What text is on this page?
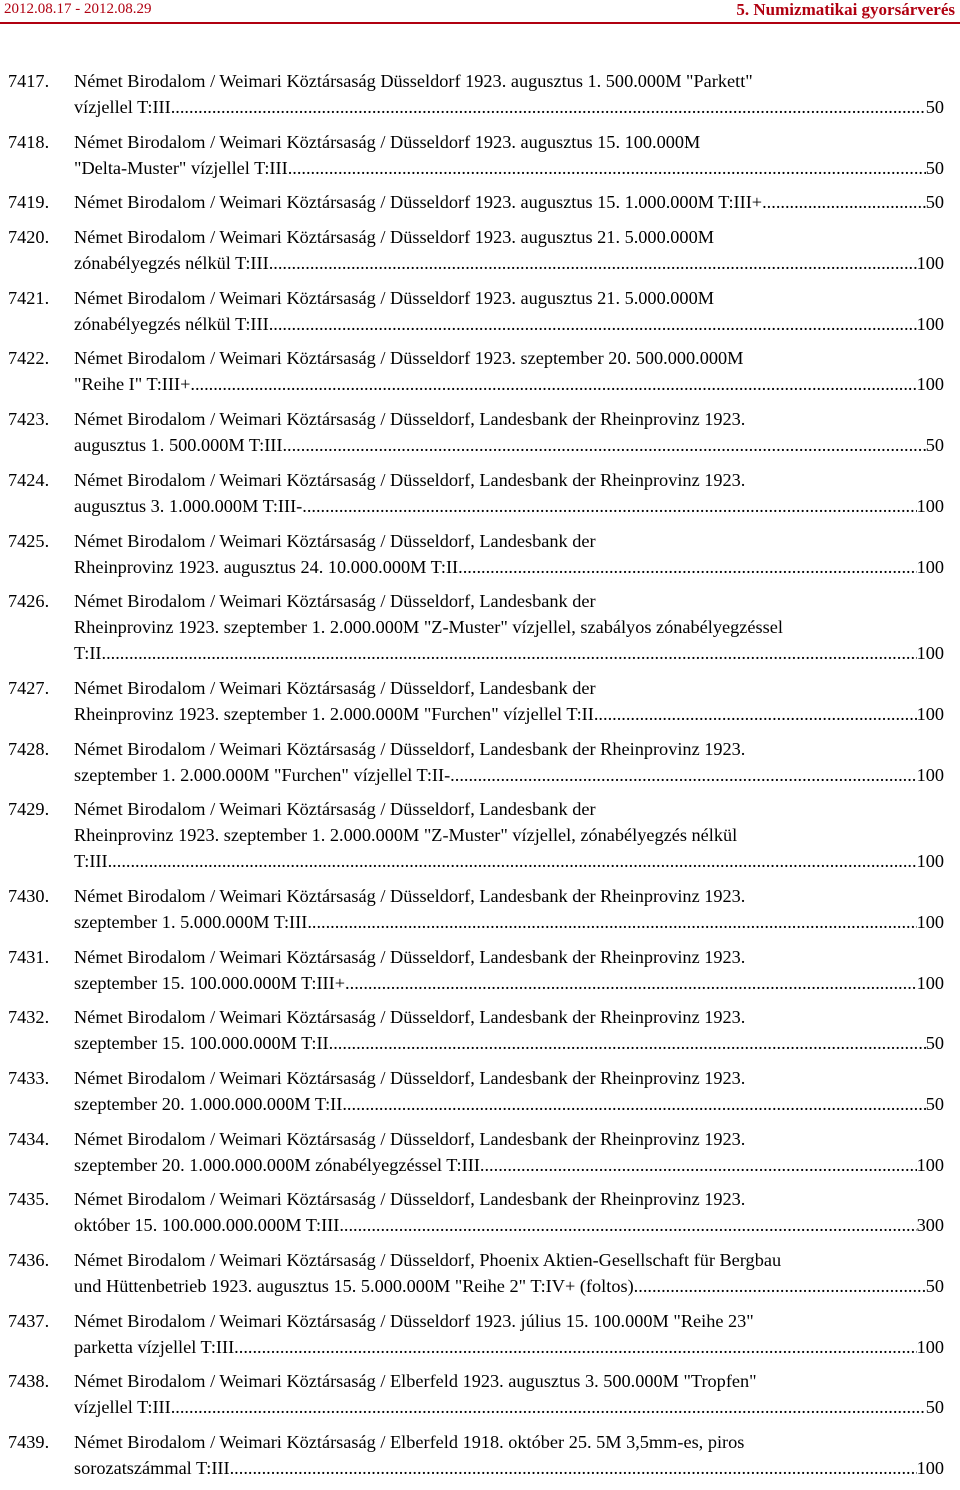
2012.08.17 - 2012.08.29	5. Numizmatikai gyorsárverés
7417.	Német Birodalom / Weimari Köztársaság Düsseldorf 1923. augusztus 1. 500.000M "Parkett"
vízjellel T:III .....	50
7418.	Német Birodalom / Weimari Köztársaság / Düsseldorf 1923. augusztus 15. 100.000M
"Delta-Muster" vízjellel T:III .....	50
7419.	Német Birodalom / Weimari Köztársaság / Düsseldorf 1923. augusztus 15. 1.000.000M T:III+ .....	50
7420.	Német Birodalom / Weimari Köztársaság / Düsseldorf 1923. augusztus 21. 5.000.000M
zónabélyegzés nélkül T:III .....	100
7421.	Német Birodalom / Weimari Köztársaság / Düsseldorf 1923. augusztus 21. 5.000.000M
zónabélyegzés nélkül T:III .....	100
7422.	Német Birodalom / Weimari Köztársaság / Düsseldorf 1923. szeptember 20. 500.000.000M
"Reihe I" T:III+ .....	100
7423.	Német Birodalom / Weimari Köztársaság / Düsseldorf, Landesbank der Rheinprovinz 1923.
augusztus 1. 500.000M T:III .....	50
7424.	Német Birodalom / Weimari Köztársaság / Düsseldorf, Landesbank der Rheinprovinz 1923.
augusztus 3. 1.000.000M T:III- .....	100
7425.	Német Birodalom / Weimari Köztársaság / Düsseldorf, Landesbank der
Rheinprovinz 1923. augusztus 24. 10.000.000M T:II .....	100
7426.	Német Birodalom / Weimari Köztársaság / Düsseldorf, Landesbank der
Rheinprovinz 1923. szeptember 1. 2.000.000M "Z-Muster" vízjellel, szabályos zónabélyegzéssel
T:II .....	100
7427.	Német Birodalom / Weimari Köztársaság / Düsseldorf, Landesbank der
Rheinprovinz 1923. szeptember 1. 2.000.000M "Furchen" vízjellel T:II .....	100
7428.	Német Birodalom / Weimari Köztársaság / Düsseldorf, Landesbank der Rheinprovinz 1923.
szeptember 1. 2.000.000M "Furchen" vízjellel T:II- .....	100
7429.	Német Birodalom / Weimari Köztársaság / Düsseldorf, Landesbank der
Rheinprovinz 1923. szeptember 1. 2.000.000M "Z-Muster" vízjellel, zónabélyegzés nélkül
T:III... .....	100
7430.	Német Birodalom / Weimari Köztársaság / Düsseldorf, Landesbank der Rheinprovinz 1923.
szeptember 1. 5.000.000M T:III .....	100
7431.	Német Birodalom / Weimari Köztársaság / Düsseldorf, Landesbank der Rheinprovinz 1923.
szeptember 15. 100.000.000M T:III+ .....	100
7432.	Német Birodalom / Weimari Köztársaság / Düsseldorf, Landesbank der Rheinprovinz 1923.
szeptember 15. 100.000.000M T:II .....	50
7433.	Német Birodalom / Weimari Köztársaság / Düsseldorf, Landesbank der Rheinprovinz 1923.
szeptember 20. 1.000.000.000M T:II .....	50
7434.	Német Birodalom / Weimari Köztársaság / Düsseldorf, Landesbank der Rheinprovinz 1923.
szeptember 20. 1.000.000.000M zónabélyegzéssel T:III .....	100
7435.	Német Birodalom / Weimari Köztársaság / Düsseldorf, Landesbank der Rheinprovinz 1923.
október 15. 100.000.000.000M T:III .....	300
7436.	Német Birodalom / Weimari Köztársaság / Düsseldorf, Phoenix Aktien-Gesellschaft für Bergbau
und Hüttenbetrieb 1923. augusztus 15. 5.000.000M "Reihe 2" T:IV+ (foltos) .....	50
7437.	Német Birodalom / Weimari Köztársaság / Düsseldorf 1923. július 15. 100.000M "Reihe 23"
parketta vízjellel T:III .....	100
7438.	Német Birodalom / Weimari Köztársaság / Elberfeld 1923. augusztus 3. 500.000M "Tropfen"
vízjellel T:III .....	50
7439.	Német Birodalom / Weimari Köztársaság / Elberfeld 1918. október 25. 5M 3,5mm-es, piros
sorozatszámmal T:III .....	100
